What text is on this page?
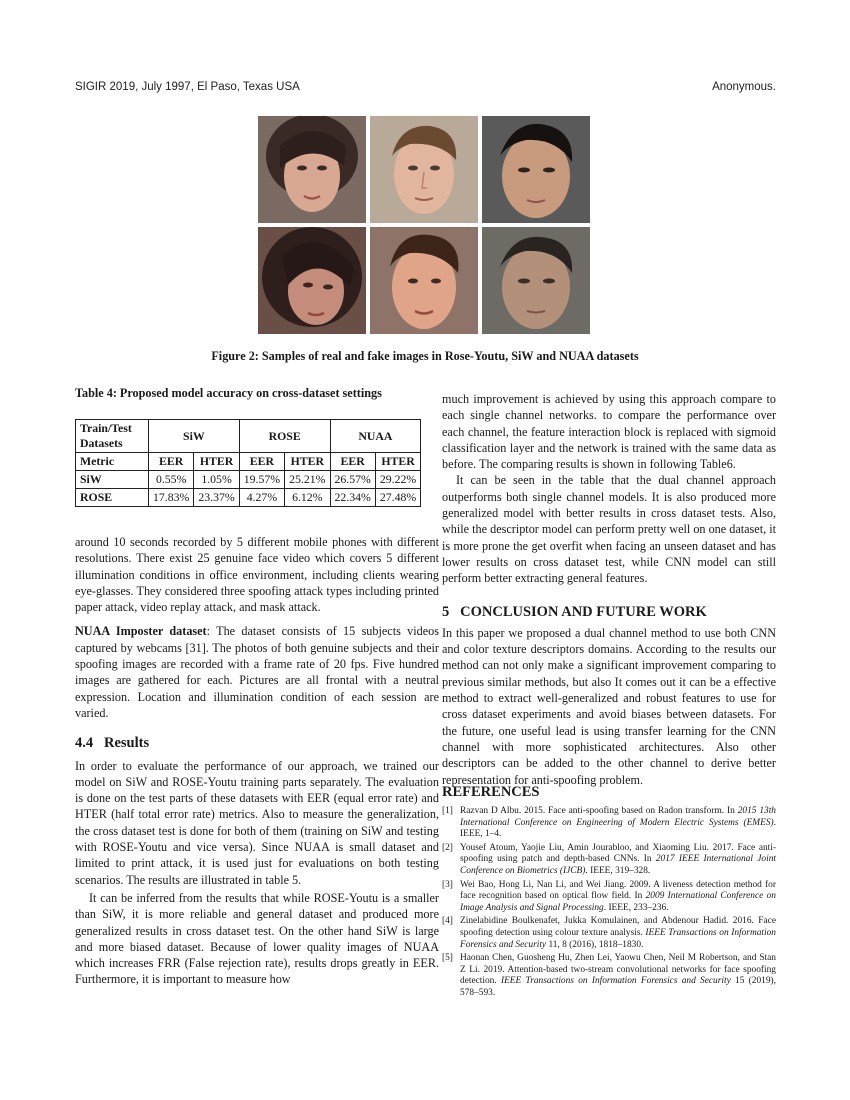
SIGIR 2019, July 1997, El Paso, Texas USA	Anonymous.
Figure 2: Samples of real and fake images in Rose-Youtu, SiW and NUAA datasets
Table 4: Proposed model accuracy on cross-dataset settings
Train/Test Datasets	SiW		ROSE		NUAA	
Metric	EER	HTER	EER	HTER	EER	HTER
SiW	0.55%	1.05%	19.57%	25.21%	26.57%	29.22%
ROSE	17.83%	23.37%	4.27%	6.12%	22.34%	27.48%

around 10 seconds recorded by 5 different mobile phones with different resolutions. There exist 25 genuine face video which covers 5 different illumination conditions in office environment, including clients wearing eye-glasses. They considered three spoofing attack types including printed paper attack, video replay attack, and mask attack.

NUAA Imposter dataset: The dataset consists of 15 subjects videos captured by webcams [31]. The photos of both genuine subjects and their spoofing images are recorded with a frame rate of 20 fps. Five hundred images are gathered for each. Pictures are all frontal with a neutral expression. Location and illumination condition of each session are varied.

4.4 Results

In order to evaluate the performance of our approach, we trained our model on SiW and ROSE-Youtu training parts separately. The evaluation is done on the test parts of these datasets with EER (equal error rate) and HTER (half total error rate) metrics. Also to measure the generalization, the cross dataset test is done for both of them (training on SiW and testing with ROSE-Youtu and vice versa). Since NUAA is small dataset and limited to print attack, it is used just for evaluations on both testing scenarios. The results are illustrated in table 5.

It can be inferred from the results that while ROSE-Youtu is a smaller than SiW, it is more reliable and general dataset and produced more generalized results in cross dataset test. On the other hand SiW is large and more biased dataset. Because of lower quality images of NUAA which increases FRR (False rejection rate), results drops greatly in EER. Furthermore, it is important to measure how

much improvement is achieved by using this approach compare to each single channel networks. to compare the performance over each channel, the feature interaction block is replaced with sigmoid classification layer and the network is trained with the same data as before. The comparing results is shown in following Table6.

It can be seen in the table that the dual channel approach outperforms both single channel models. It is also produced more generalized model with better results in cross dataset tests. Also, while the descriptor model can perform pretty well on one dataset, it is more prone the get overfit when facing an unseen dataset and has lower results on cross dataset test, while CNN model can still perform better extracting general features.

5 CONCLUSION AND FUTURE WORK

In this paper we proposed a dual channel method to use both CNN and color texture descriptors domains. According to the results our method can not only make a significant improvement comparing to previous similar methods, but also It comes out it can be a effective method to extract well-generalized and robust features to use for cross dataset experiments and avoid biases between datasets. For the future, one useful lead is using transfer learning for the CNN channel with more sophisticated architectures. Also other descriptors can be added to the other channel to derive better representation for anti-spoofing problem.

REFERENCES
[1] Razvan D Albu. 2015. Face anti-spoofing based on Radon transform. In 2015 13th International Conference on Engineering of Modern Electric Systems (EMES). IEEE, 1–4.
[2] Yousef Atoum, Yaojie Liu, Amin Jourabloo, and Xiaoming Liu. 2017. Face anti-spoofing using patch and depth-based CNNs. In 2017 IEEE International Joint Conference on Biometrics (IJCB). IEEE, 319–328.
[3] Wei Bao, Hong Li, Nan Li, and Wei Jiang. 2009. A liveness detection method for face recognition based on optical flow field. In 2009 International Conference on Image Analysis and Signal Processing. IEEE, 233–236.
[4] Zinelabidine Boulkenafet, Jukka Komulainen, and Abdenour Hadid. 2016. Face spoofing detection using colour texture analysis. IEEE Transactions on Information Forensics and Security 11, 8 (2016), 1818–1830.
[5] Haonan Chen, Guosheng Hu, Zhen Lei, Yaowu Chen, Neil M Robertson, and Stan Z Li. 2019. Attention-based two-stream convolutional networks for face spoofing detection. IEEE Transactions on Information Forensics and Security 15 (2019), 578–593.
